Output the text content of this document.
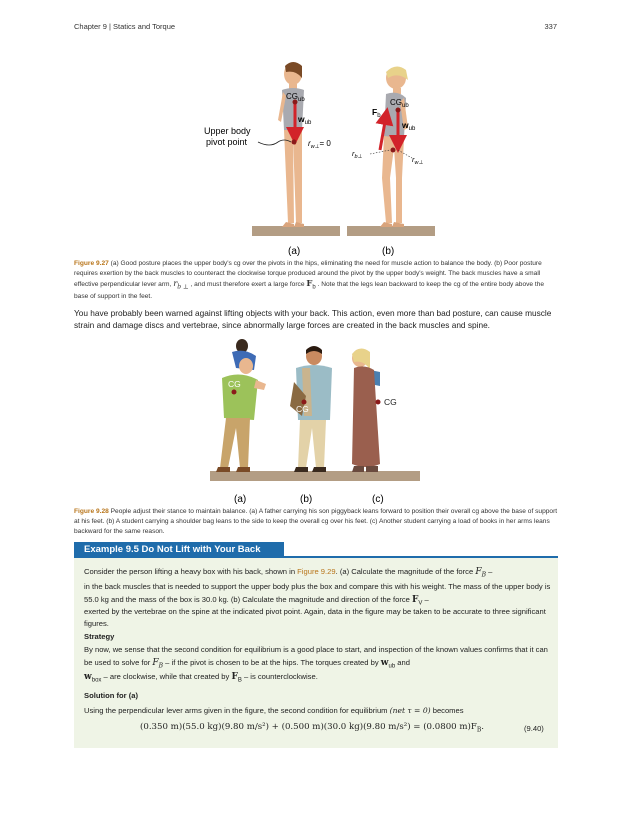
Chapter 9 | Statics and Torque	337
$CG_{ub}$
$w_{ub}$
Upper body
pivot point	$r_{w\perp}= 0$
$F_b$
$CG_{ub}$
$w_{ub}$
$r_{b\perp}$	$r_{w\perp}$
(a)	(b)
Figure 9.27 (a) Good posture places the upper body's cg over the pivots in the hips, eliminating the need for muscle action to balance the body. (b) Poor posture requires exertion by the back muscles to counteract the clockwise torque produced around the pivot by the upper body's weight. The back muscles have a small effective perpendicular lever arm, $r_{b \perp}$ , and must therefore exert a large force $F_b$ . Note that the legs lean backward to keep the cg of the entire body above the base of support in the feet.
You have probably been warned against lifting objects with your back. This action, even more than bad posture, can cause muscle strain and damage discs and vertebrae, since abnormally large forces are created in the back muscles and spine.
CG
CG
CG
(a)	(b)	(c)
Figure 9.28 People adjust their stance to maintain balance. (a) A father carrying his son piggyback leans forward to position their overall cg above the base of support at his feet. (b) A student carrying a shoulder bag leans to the side to keep the overall cg over his feet. (c) Another student carrying a load of books in her arms leans backward for the same reason.
Example 9.5 Do Not Lift with Your Back
Consider the person lifting a heavy box with his back, shown in Figure 9.29. (a) Calculate the magnitude of the force $F_B$ –
in the back muscles that is needed to support the upper body plus the box and compare this with his weight. The mass of the upper body is 55.0 kg and the mass of the box is 30.0 kg. (b) Calculate the magnitude and direction of the force $F_V$ –
exerted by the vertebrae on the spine at the indicated pivot point. Again, data in the figure may be taken to be accurate to three significant figures.
Strategy
By now, we sense that the second condition for equilibrium is a good place to start, and inspection of the known values confirms that it can be used to solve for $F_B$ – if the pivot is chosen to be at the hips. The torques created by $w_{ub}$ and
$w_{box}$ – are clockwise, while that created by $F_B$ – is counterclockwise.
Solution for (a)
Using the perpendicular lever arms given in the figure, the second condition for equilibrium (net τ = 0) becomes
(0.350 m)(55.0 kg)(9.80 m/s²) + (0.500 m)(30.0 kg)(9.80 m/s²) = (0.0800 $m)F_B$.	(9.40)
